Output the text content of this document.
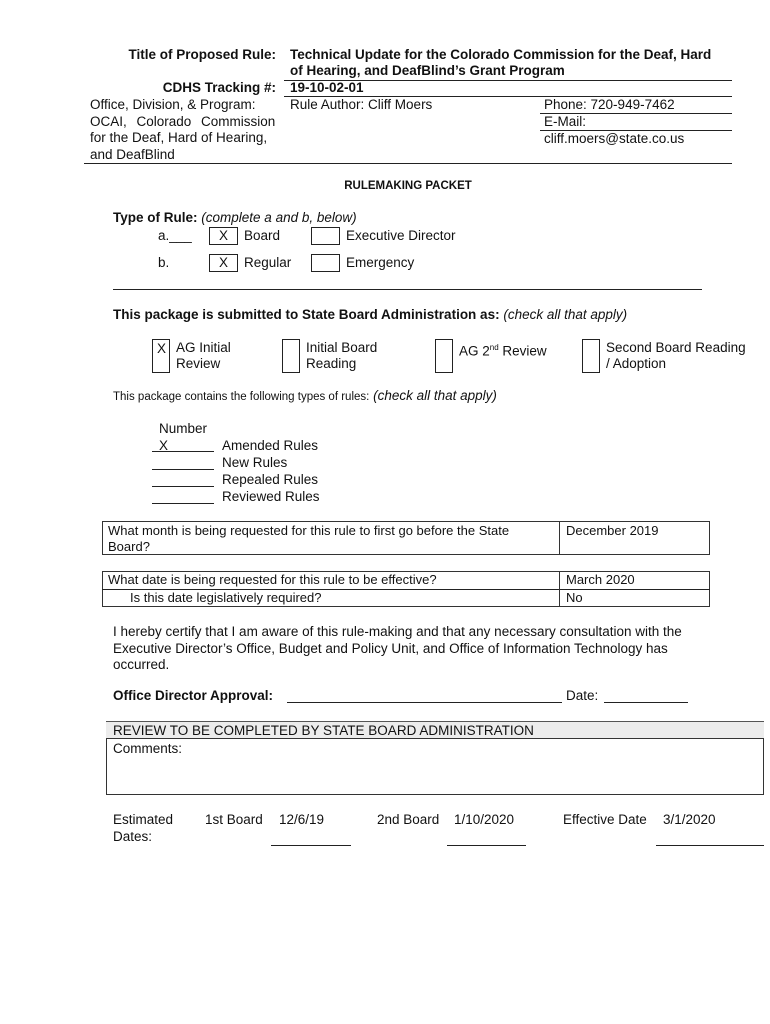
Title of Proposed Rule: Technical Update for the Colorado Commission for the Deaf, Hard
of Hearing, and DeafBlind’s Grant Program
CDHS Tracking #: 19-10-02-01
Office, Division, & Program:
OCAI, Colorado Commission
for the Deaf, Hard of Hearing,
and DeafBlind
Rule Author: Cliff Moers	Phone: 720-949-7462
E-Mail:
cliff.moers@state.co.us
RULEMAKING PACKET
Type of Rule: (complete a and b, below)
a.___	X	Board	Executive Director
b.	X	Regular	Emergency
This package is submitted to State Board Administration as: (check all that apply)
X AG Initial
Review
Initial Board
Reading
AG 2nd Review	Second Board Reading
/ Adoption
This package contains the following types of rules: (check all that apply)
Number
X	Amended Rules
New Rules
Repealed Rules
Reviewed Rules
What month is being requested for this rule to first go before the State
Board?
December 2019
What date is being requested for this rule to be effective?	March 2020
Is this date legislatively required?	No
I hereby certify that I am aware of this rule-making and that any necessary consultation with the
Executive Director’s Office, Budget and Policy Unit, and Office of Information Technology has
occurred.
Office Director Approval:	Date:
REVIEW TO BE COMPLETED BY STATE BOARD ADMINISTRATION
Comments:
Estimated
Dates:
1st Board 12/6/19	2nd Board 1/10/2020	Effective Date 3/1/2020
